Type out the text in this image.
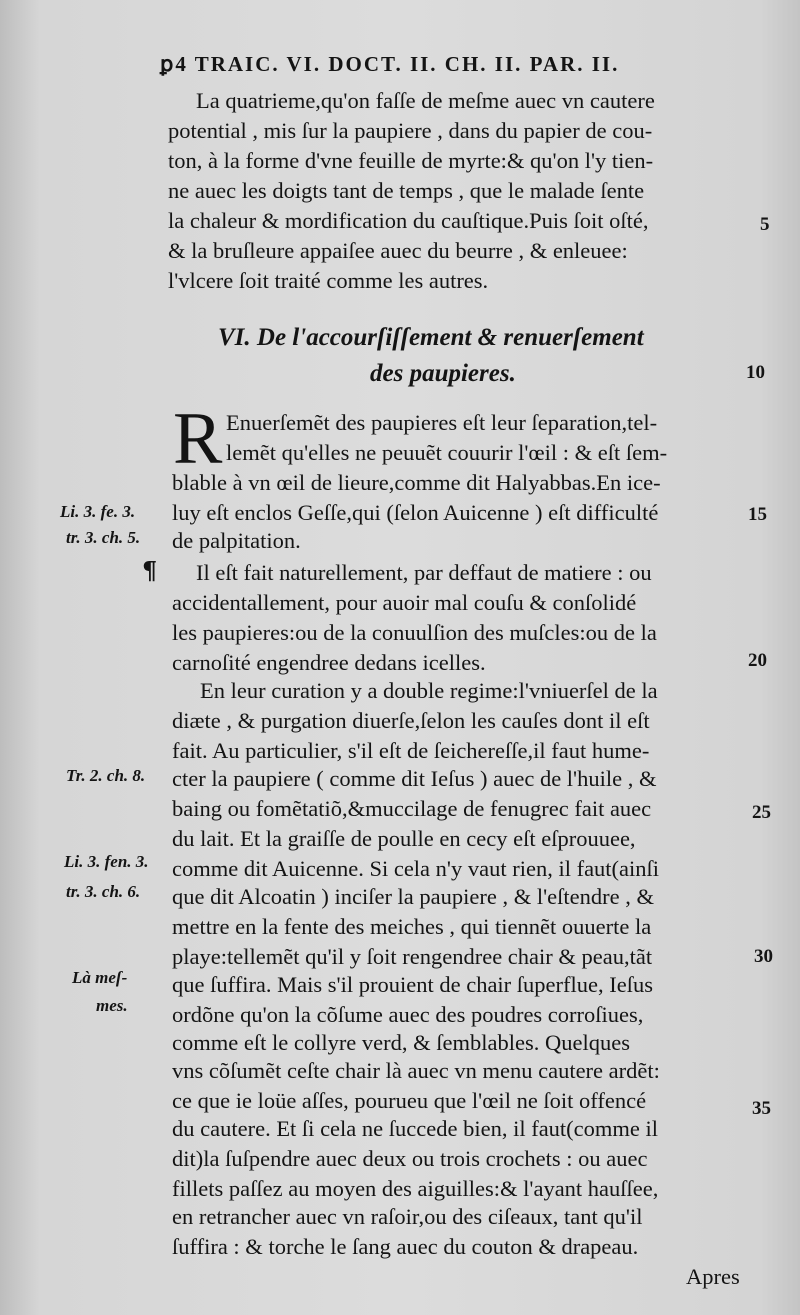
ꝑ4 TRAIC. VI. DOCT. II. CH. II. PAR. II.
La quatrieme,qu'on faſſe de meſme auec vn cautere
potential , mis ſur la paupiere , dans du papier de cou-
ton, à la forme d'vne feuille de myrte:& qu'on l'y tien-
ne auec les doigts tant de temps , que le malade ſente
la chaleur & mordification du cauſtique.Puis ſoit oſté,
& la bruſleure appaiſee auec du beurre , & enleuee:
l'vlcere ſoit traité comme les autres.
VI. De l'accourſiſſement & renuerſement
des paupieres.
R Enuerſemẽt des paupieres eſt leur ſeparation,tel-
lemẽt qu'elles ne peuuẽt couurir l'œil : & eſt ſem-
blable à vn œil de lieure,comme dit Halyabbas.En ice-
luy eſt enclos Geſſe,qui (ſelon Auicenne ) eſt difficulté
de palpitation.
¶ Il eſt fait naturellement, par deffaut de matiere : ou
accidentallement, pour auoir mal couſu & conſolidé
les paupieres:ou de la conuulſion des muſcles:ou de la
carnoſité engendree dedans icelles.
En leur curation y a double regime:l'vniuerſel de la
diæte , & purgation diuerſe,ſelon les cauſes dont il eſt
fait. Au particulier, s'il eſt de ſeicherеſſe,il faut hume-
cter la paupiere ( comme dit Ieſus ) auec de l'huile , &
baing ou fomẽtatiõ,&muccilage de fenugrec fait auec
du lait. Et la graiſſe de poulle en cecy eſt eſprouuee,
comme dit Auicenne. Si cela n'y vaut rien, il faut(ainſi
que dit Alcoatin ) inciſer la paupiere , & l'eſtendre , &
mettre en la fente des meiches , qui tiennẽt ouuerte la
playe:tellemẽt qu'il y ſoit rengendree chair & peau,tãt
que ſuffira. Mais s'il prouient de chair ſuperflue, Ieſus
ordõne qu'on la cõſume auec des poudres corroſiues,
comme eſt le collyre verd, & ſemblables. Quelques
vns cõſumẽt ceſte chair là auec vn menu cautere ardẽt:
ce que ie loüe aſſes, pourueu que l'œil ne ſoit offencé
du cautere. Et ſi cela ne ſuccede bien, il faut(comme il
dit)la ſuſpendre auec deux ou trois crochets : ou auec
fillets paſſez au moyen des aiguilles:& l'ayant hauſſee,
en retrancher auec vn raſoir,ou des ciſeaux, tant qu'il
ſuffira : & torche le ſang auec du couton & drapeau.
Apres
Li. 3. fe. 3.
tr. 3. ch. 5.
Tr. 2. ch. 8.
Li. 3. fen. 3.
tr. 3. ch. 6.
Là meſ-
mes.
5
10
15
20
25
30
35
